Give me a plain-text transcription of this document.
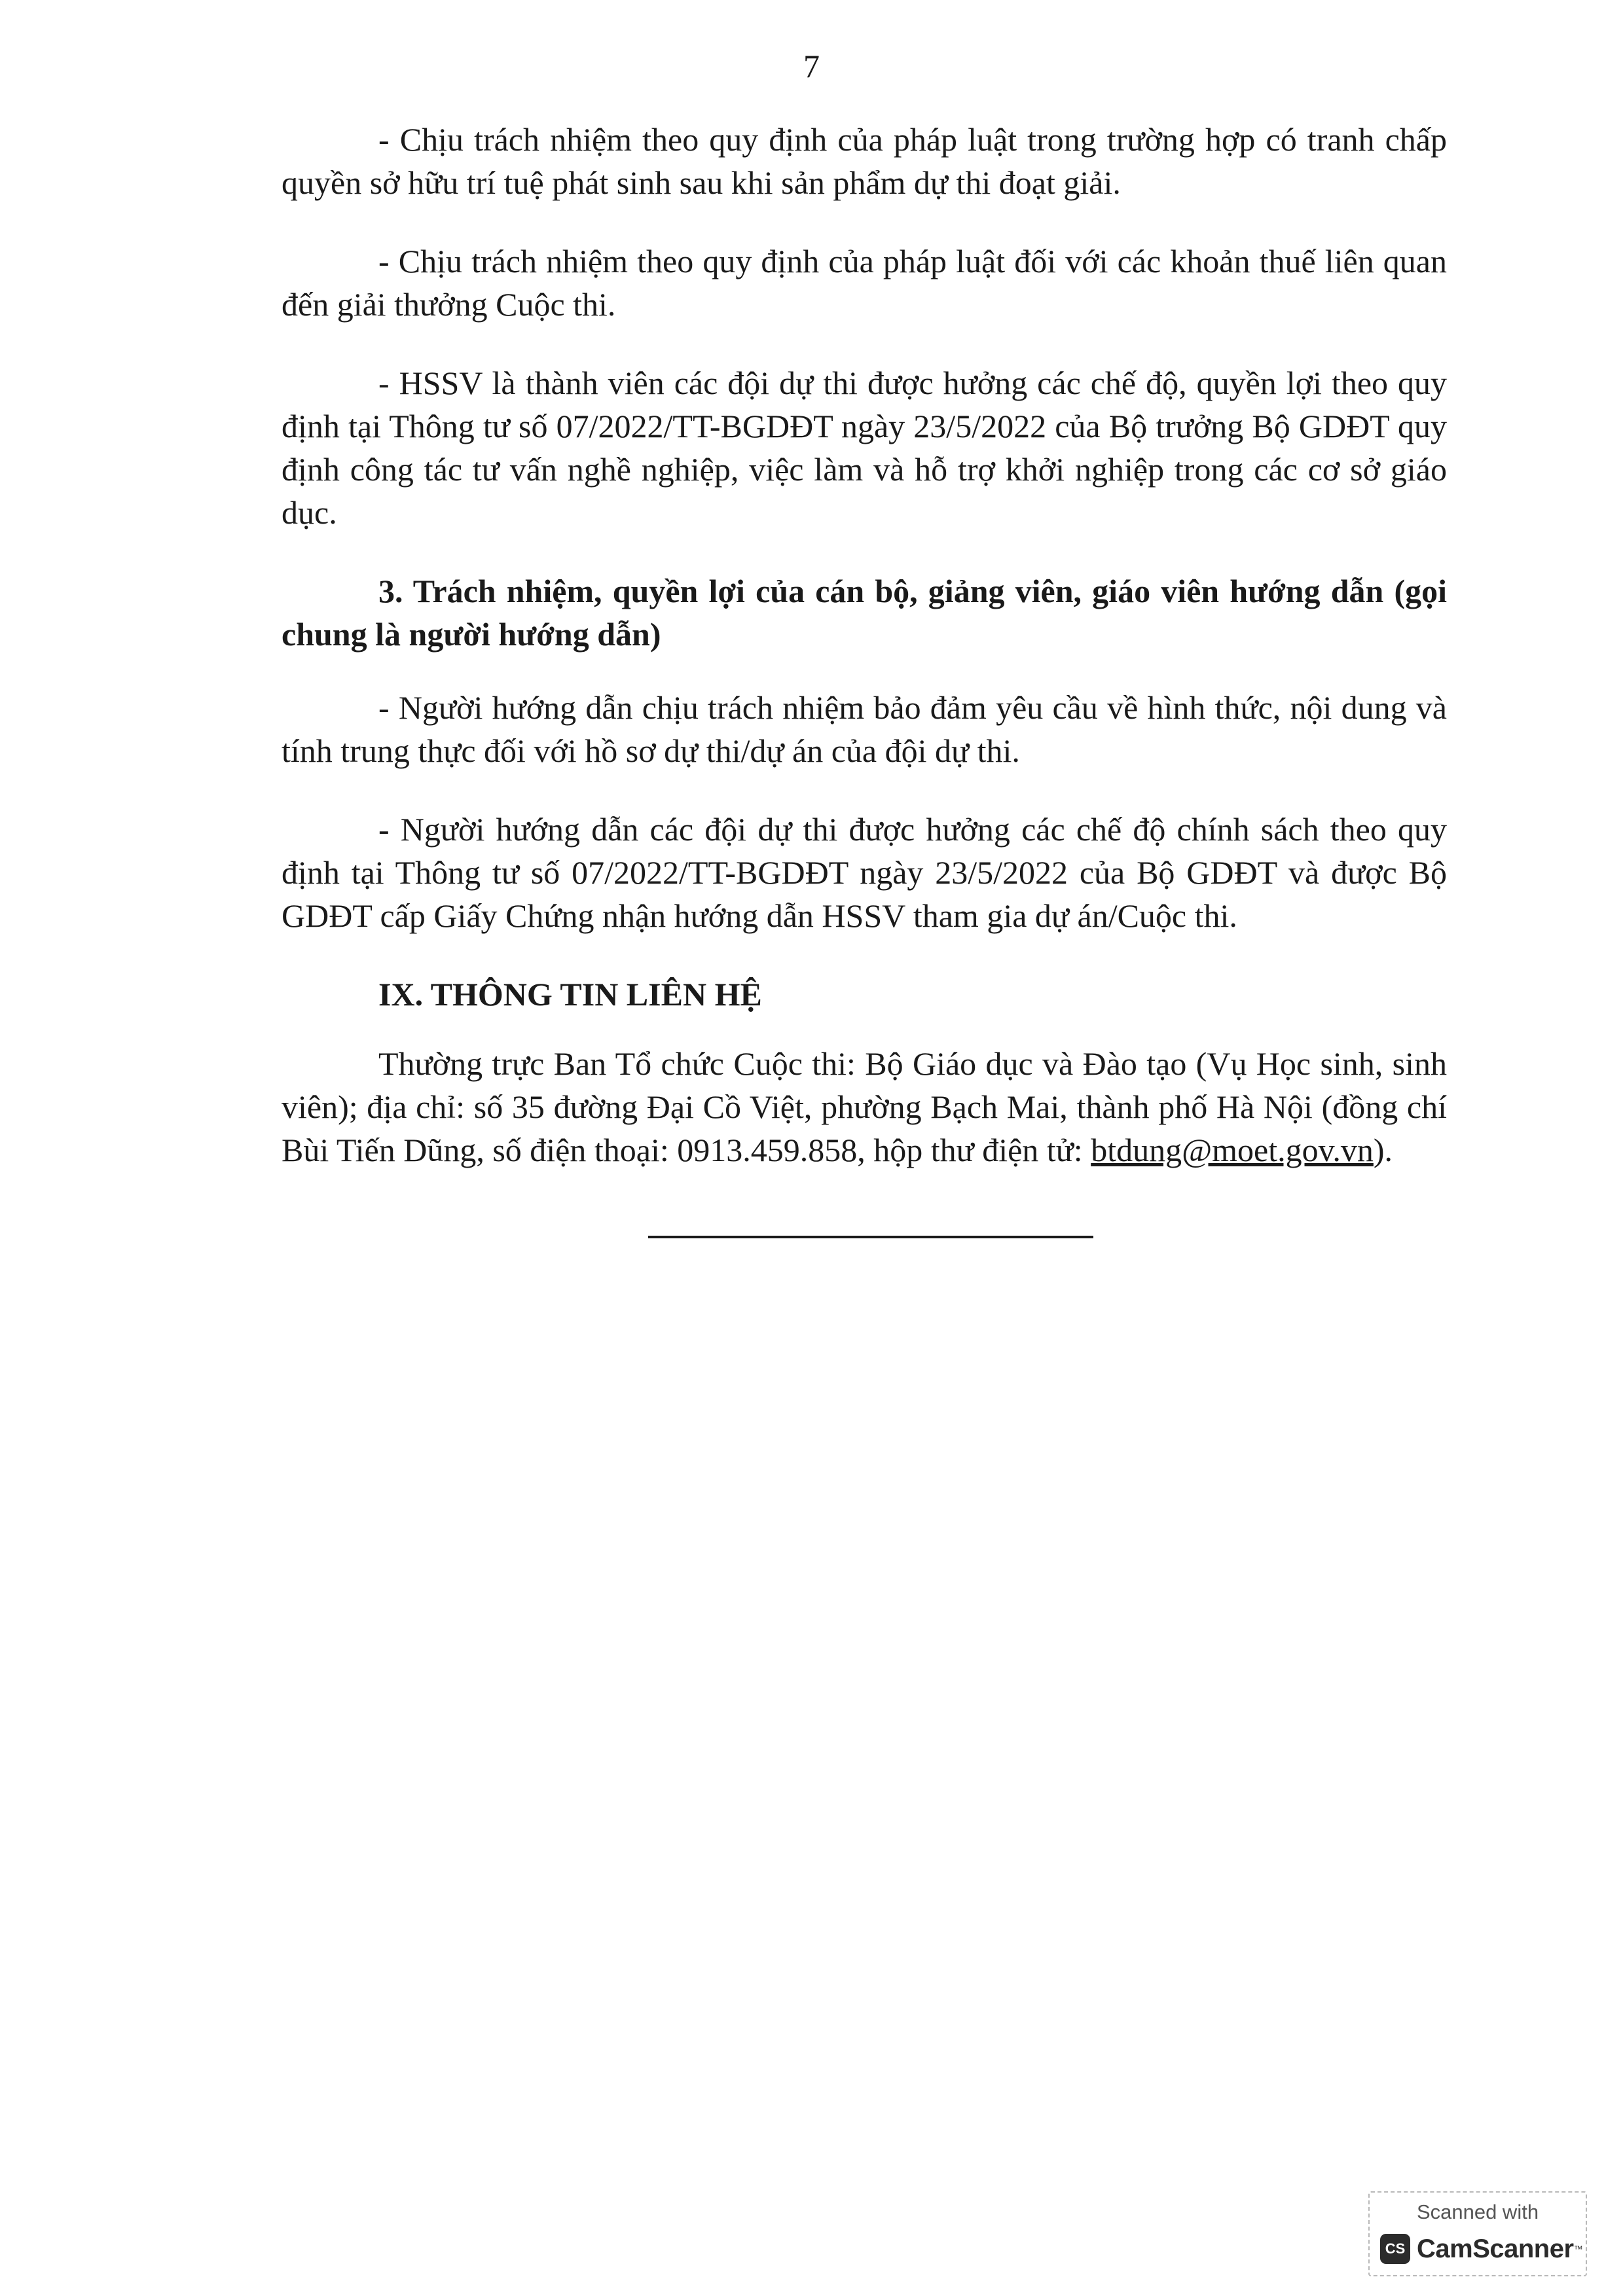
7

- Chịu trách nhiệm theo quy định của pháp luật trong trường hợp có tranh chấp quyền sở hữu trí tuệ phát sinh sau khi sản phẩm dự thi đoạt giải.

- Chịu trách nhiệm theo quy định của pháp luật đối với các khoản thuế liên quan đến giải thưởng Cuộc thi.

- HSSV là thành viên các đội dự thi được hưởng các chế độ, quyền lợi theo quy định tại Thông tư số 07/2022/TT-BGDĐT ngày 23/5/2022 của Bộ trưởng Bộ GDĐT quy định công tác tư vấn nghề nghiệp, việc làm và hỗ trợ khởi nghiệp trong các cơ sở giáo dục.

3. Trách nhiệm, quyền lợi của cán bộ, giảng viên, giáo viên hướng dẫn (gọi chung là người hướng dẫn)

- Người hướng dẫn chịu trách nhiệm bảo đảm yêu cầu về hình thức, nội dung và tính trung thực đối với hồ sơ dự thi/dự án của đội dự thi.

- Người hướng dẫn các đội dự thi được hưởng các chế độ chính sách theo quy định tại Thông tư số 07/2022/TT-BGDĐT ngày 23/5/2022 của Bộ GDĐT và được Bộ GDĐT cấp Giấy Chứng nhận hướng dẫn HSSV tham gia dự án/Cuộc thi.

IX. THÔNG TIN LIÊN HỆ

Thường trực Ban Tổ chức Cuộc thi: Bộ Giáo dục và Đào tạo (Vụ Học sinh, sinh viên); địa chỉ: số 35 đường Đại Cồ Việt, phường Bạch Mai, thành phố Hà Nội (đồng chí Bùi Tiến Dũng, số điện thoại: 0913.459.858, hộp thư điện tử: btdung@moet.gov.vn).

Scanned with
CS CamScanner ™
